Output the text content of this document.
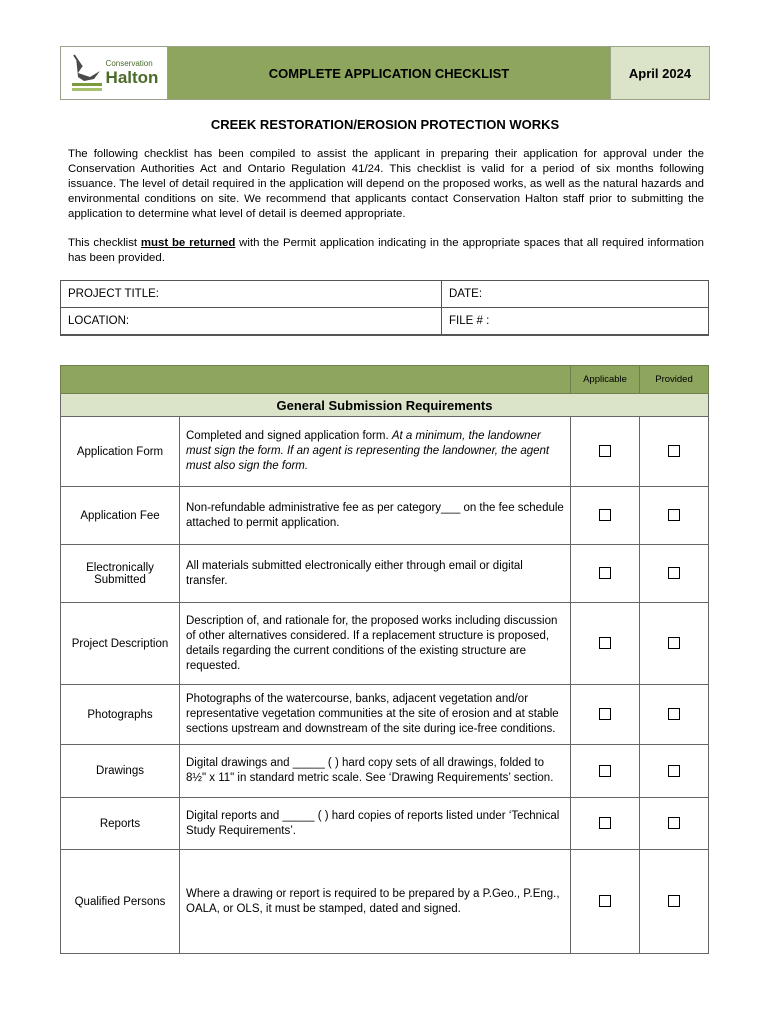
Conservation
Halton	COMPLETE APPLICATION CHECKLIST	April 2024
CREEK RESTORATION/EROSION PROTECTION WORKS
The following checklist has been compiled to assist the applicant in preparing their application for approval under the Conservation Authorities Act and Ontario Regulation 41/24. This checklist is valid for a period of six months following issuance. The level of detail required in the application will depend on the proposed works, as well as the natural hazards and environmental conditions on site. We recommend that applicants contact Conservation Halton staff prior to submitting the application to determine what level of detail is deemed appropriate.
This checklist must be returned with the Permit application indicating in the appropriate spaces that all required information has been provided.
PROJECT TITLE:	DATE:
LOCATION:	FILE # :
		Applicable	Provided
General Submission Requirements			
Application Form	Completed and signed application form. At a minimum, the landowner must sign the form. If an agent is representing the landowner, the agent must also sign the form.		
Application Fee	Non-refundable administrative fee as per category___ on the fee schedule attached to permit application.		
Electronically Submitted	All materials submitted electronically either through email or digital transfer.		
Project Description	Description of, and rationale for, the proposed works including discussion of other alternatives considered. If a replacement structure is proposed, details regarding the current conditions of the existing structure are requested.		
Photographs	Photographs of the watercourse, banks, adjacent vegetation and/or representative vegetation communities at the site of erosion and at stable sections upstream and downstream of the site during ice-free conditions.		
Drawings	Digital drawings and _____ ( ) hard copy sets of all drawings, folded to 8½" x 11" in standard metric scale. See ‘Drawing Requirements’ section.		
Reports	Digital reports and _____ ( ) hard copies of reports listed under ‘Technical Study Requirements’.		
Qualified Persons	Where a drawing or report is required to be prepared by a P.Geo., P.Eng., OALA, or OLS, it must be stamped, dated and signed.		
